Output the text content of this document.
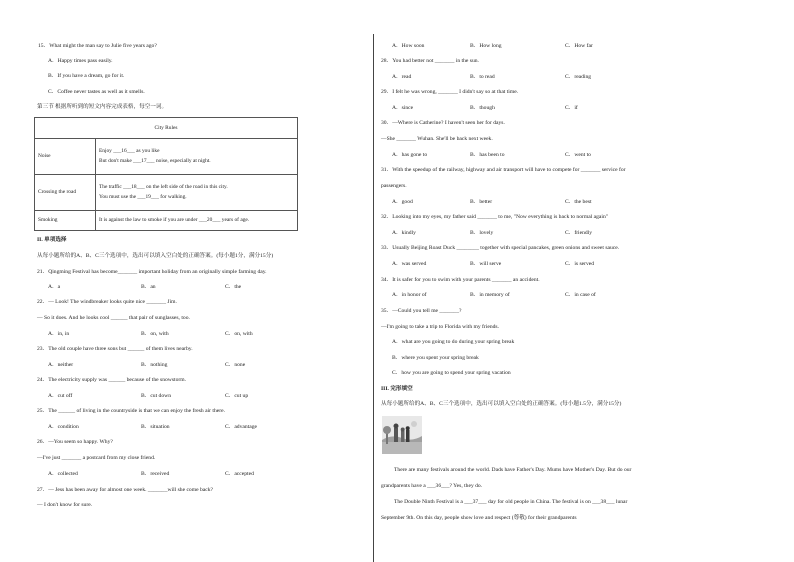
15．What might the man say to Julie five years ago?
A．Happy times pass easily.
B．If you have a dream, go for it.
C．Coffee never tastes as well as it smells.
第三节 根据所听到的短文内容完成表格，每空一词。
City Rules	
Noise	Enjoy ___16___ as you like
But don't make ___17___ noise, especially at night.

Crossing the road	The traffic ___18___ on the left side of the road in this city.
You must use the ___19___ for walking.

Smoking	It is against the law to smoke if you are under ___20___ years of age.
II. 单项选择
从每小题所给的A、B、C三个选项中，选出可以填入空白处的正确答案。(每小题1分，满分15分)
21．Qingming Festival has become_______ important holiday from an originally simple farming day.
A．a	B．an	C．the
22．— Look! The windbreaker looks quite nice _______ Jim.
— So it does. And he looks cool ______ that pair of sunglasses, too.
A．in, in	B．on, with	C．on, with
23．The old couple have three sons but ______ of them lives nearby.
A．neither	B．nothing	C．none
24．The electricity supply was ______ because of the snowstorm.
A．cut off	B．cut down	C．cut up
25．The ______ of living in the countryside is that we can enjoy the fresh air there.
A．condition	B．situation	C．advantage
26．—You seem so happy. Why?
—I've just _______ a postcard from my close friend.
A．collected	B．received	C．accepted
27．— Jess has been away for almost one week. _______will she come back?
— I don't know for sure.
A．How soon	B．How long	C．How far
28．You had better not _______ in the sun.
A．read	B．to read	C．reading
29．I felt he was wrong, _______ I didn't say so at that time.
A．since	B．though	C．if
30．—Where is Catherine? I haven't seen her for days.
—She _______ Wuhan. She'll be back next week.
A．has gone to	B．has been to	C．went to
31．With the speedup of the railway, highway and air transport will have to compete for _______ service for
passengers.
A．good	B．better	C．the best
32．Looking into my eyes, my father said _______ to me, "Now everything is back to normal again"
A．kindly	B．lovely	C．friendly
33．Usually Beijing Roast Duck ________ together with special pancakes, green onions and sweet sauce.
A．was served	B．will serve	C．is served
34．It is safer for you to swim with your parents _______ an accident.
A．in honor of	B．in memory of	C．in case of
35．—Could you tell me _______?
—I'm going to take a trip to Florida with my friends.
A．what are you going to do during your spring break
B．where you spent your spring break
C．how you are going to spend your spring vacation
III. 完形填空
从每小题所给的A、B、C三个选项中，选出可以填入空白处的正确答案。(每小题1.5分，满分15分)
There are many festivals around the world. Dads have Father's Day. Mums have Mother's Day. But do our
grandparents have a ___36___? Yes, they do.
The Double Ninth Festival is a ___37___ day for old people in China. The festival is on ___38___ lunar
September 9th. On this day, people show love and respect (尊敬) for their grandparents
